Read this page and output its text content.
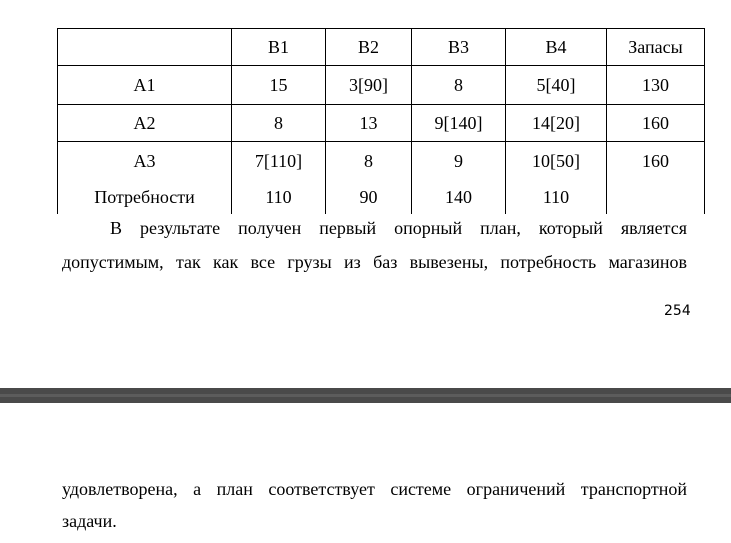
	B1	B2	B3	B4	Запасы
A1	15	3[90]	8	5[40]	130
A2	8	13	9[140]	14[20]	160
A3	7[110]	8	9	10[50]	160
Потребности	110	90	140	110	
В результате получен первый опорный план, который является
допустимым, так как все грузы из баз вывезены, потребность магазинов
254
удовлетворена, а план соответствует системе ограничений транспортной
задачи.
